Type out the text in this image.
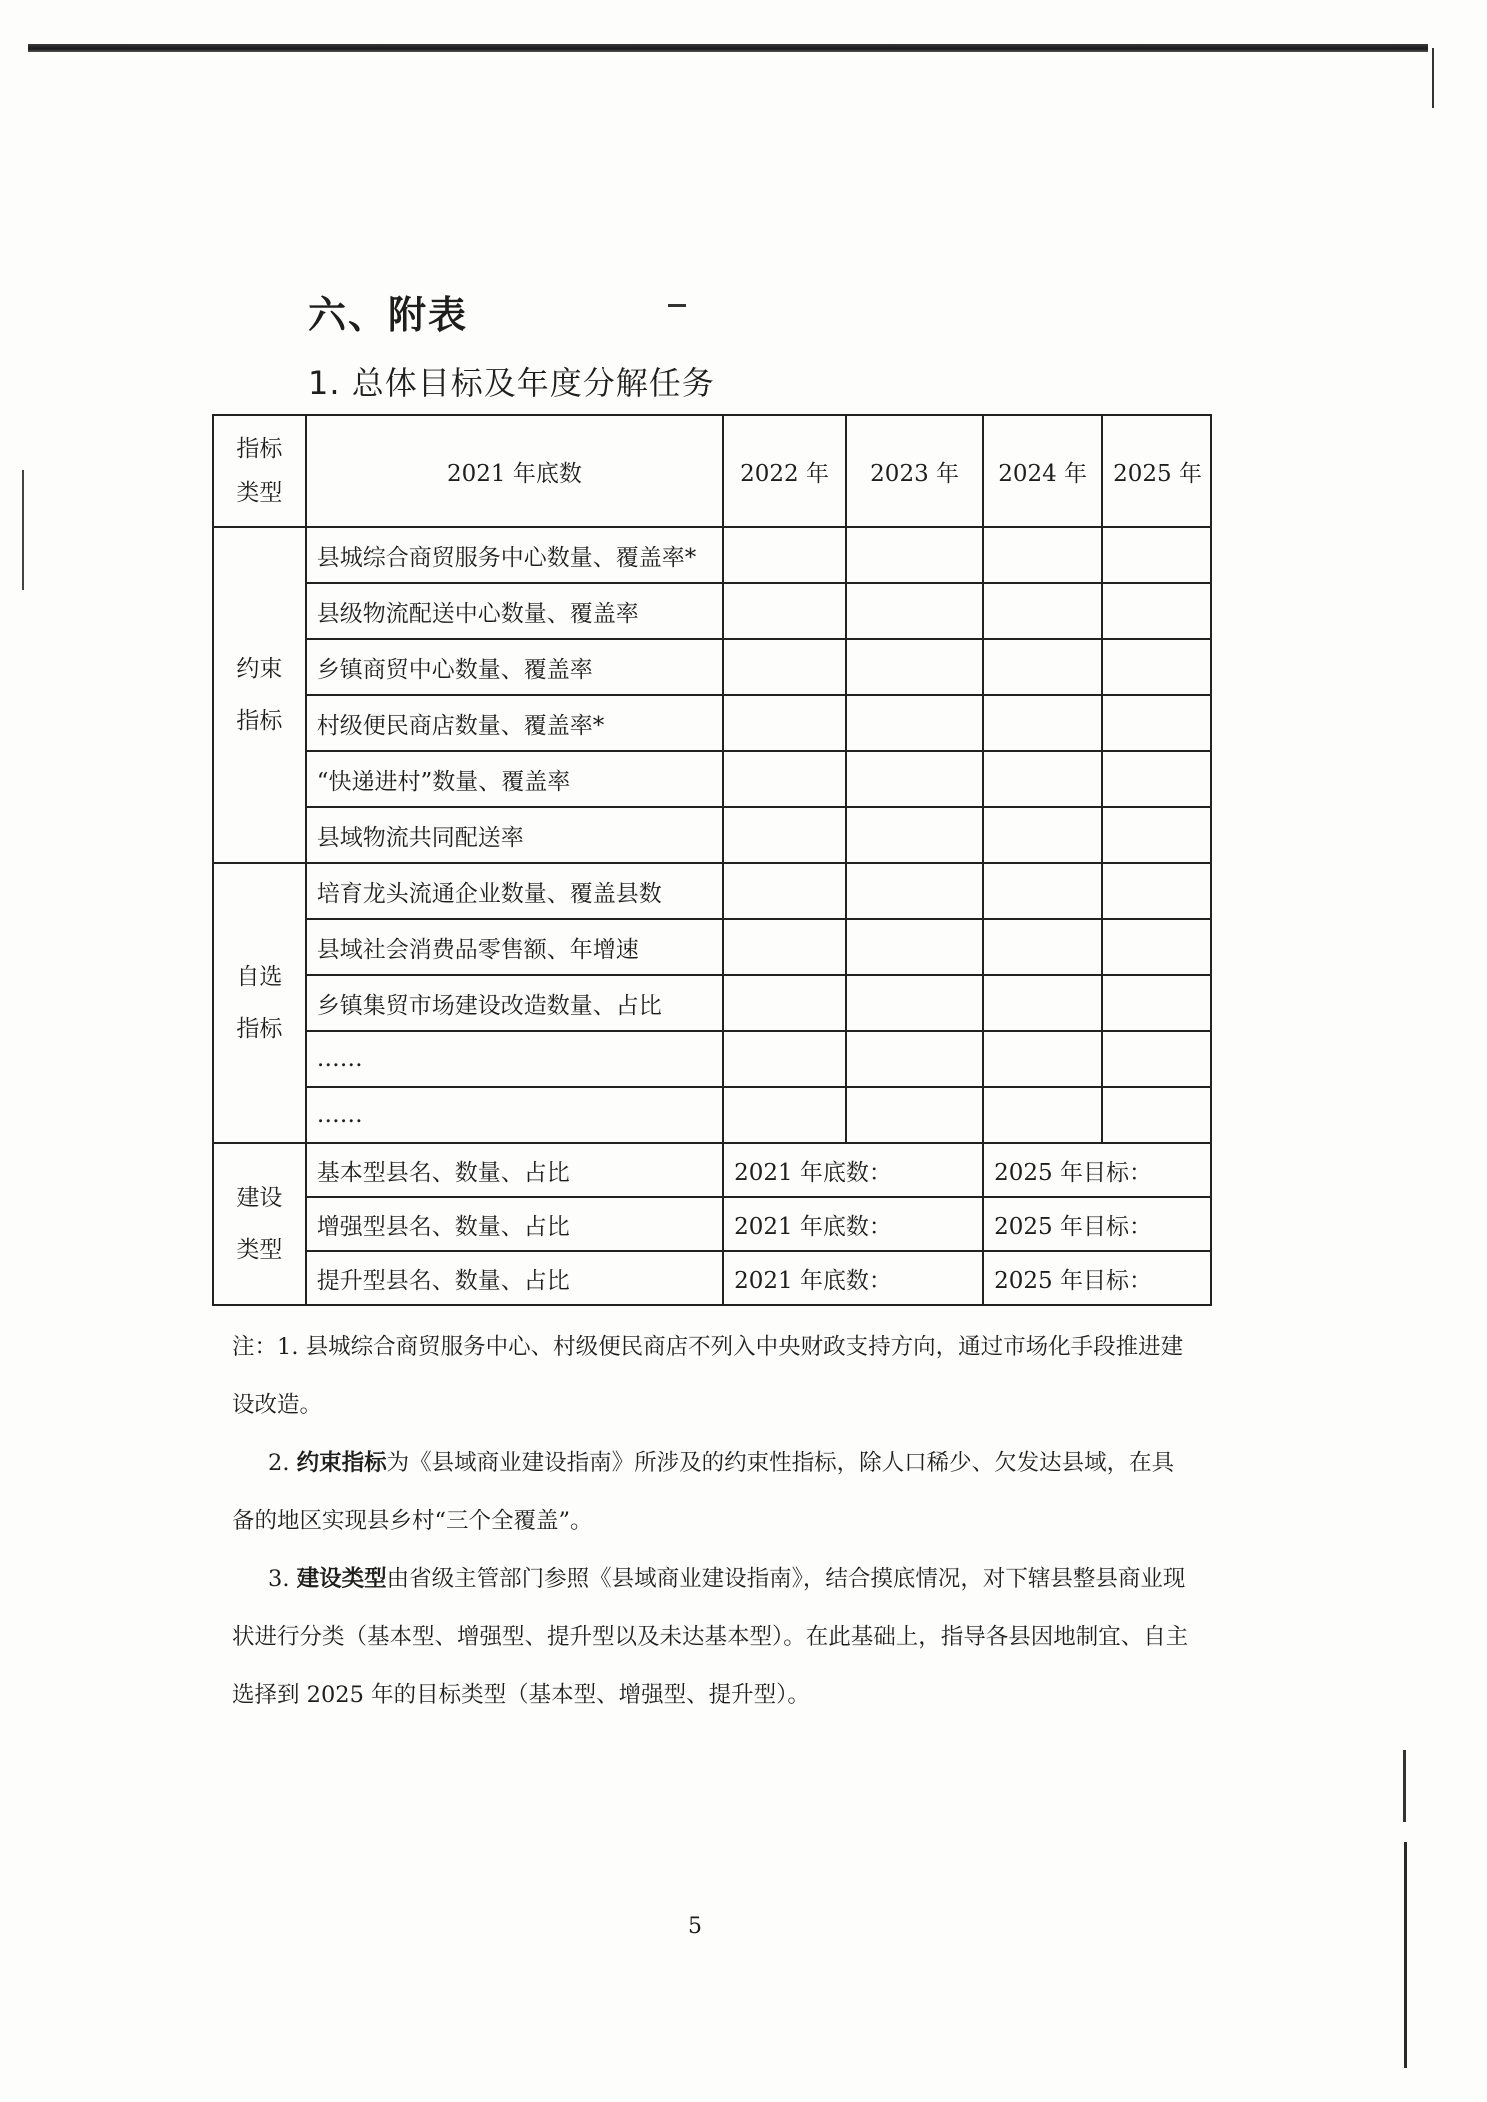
六、附表
1. 总体目标及年度分解任务
指标
类型	2021 年底数	2022 年	2023 年	2024 年	2025 年

约束
指标	县城综合商贸服务中心数量、覆盖率*				
	县级物流配送中心数量、覆盖率				
	乡镇商贸中心数量、覆盖率				
	村级便民商店数量、覆盖率*				
	“快递进村”数量、覆盖率				
	县域物流共同配送率				

自选
指标	培育龙头流通企业数量、覆盖县数				
	县域社会消费品零售额、年增速				
	乡镇集贸市场建设改造数量、占比				
	……				
	……				

建设
类型	基本型县名、数量、占比	2021 年底数：		2025 年目标：	
	增强型县名、数量、占比	2021 年底数：		2025 年目标：	
	提升型县名、数量、占比	2021 年底数：		2025 年目标：	

注：1. 县城综合商贸服务中心、村级便民商店不列入中央财政支持方向，通过市场化手段推进建设改造。

2. 约束指标为《县域商业建设指南》所涉及的约束性指标，除人口稀少、欠发达县域，在具备的地区实现县乡村“三个全覆盖”。

3. 建设类型由省级主管部门参照《县域商业建设指南》，结合摸底情况，对下辖县整县商业现状进行分类（基本型、增强型、提升型以及未达基本型）。在此基础上，指导各县因地制宜、自主选择到 2025 年的目标类型（基本型、增强型、提升型）。

5
